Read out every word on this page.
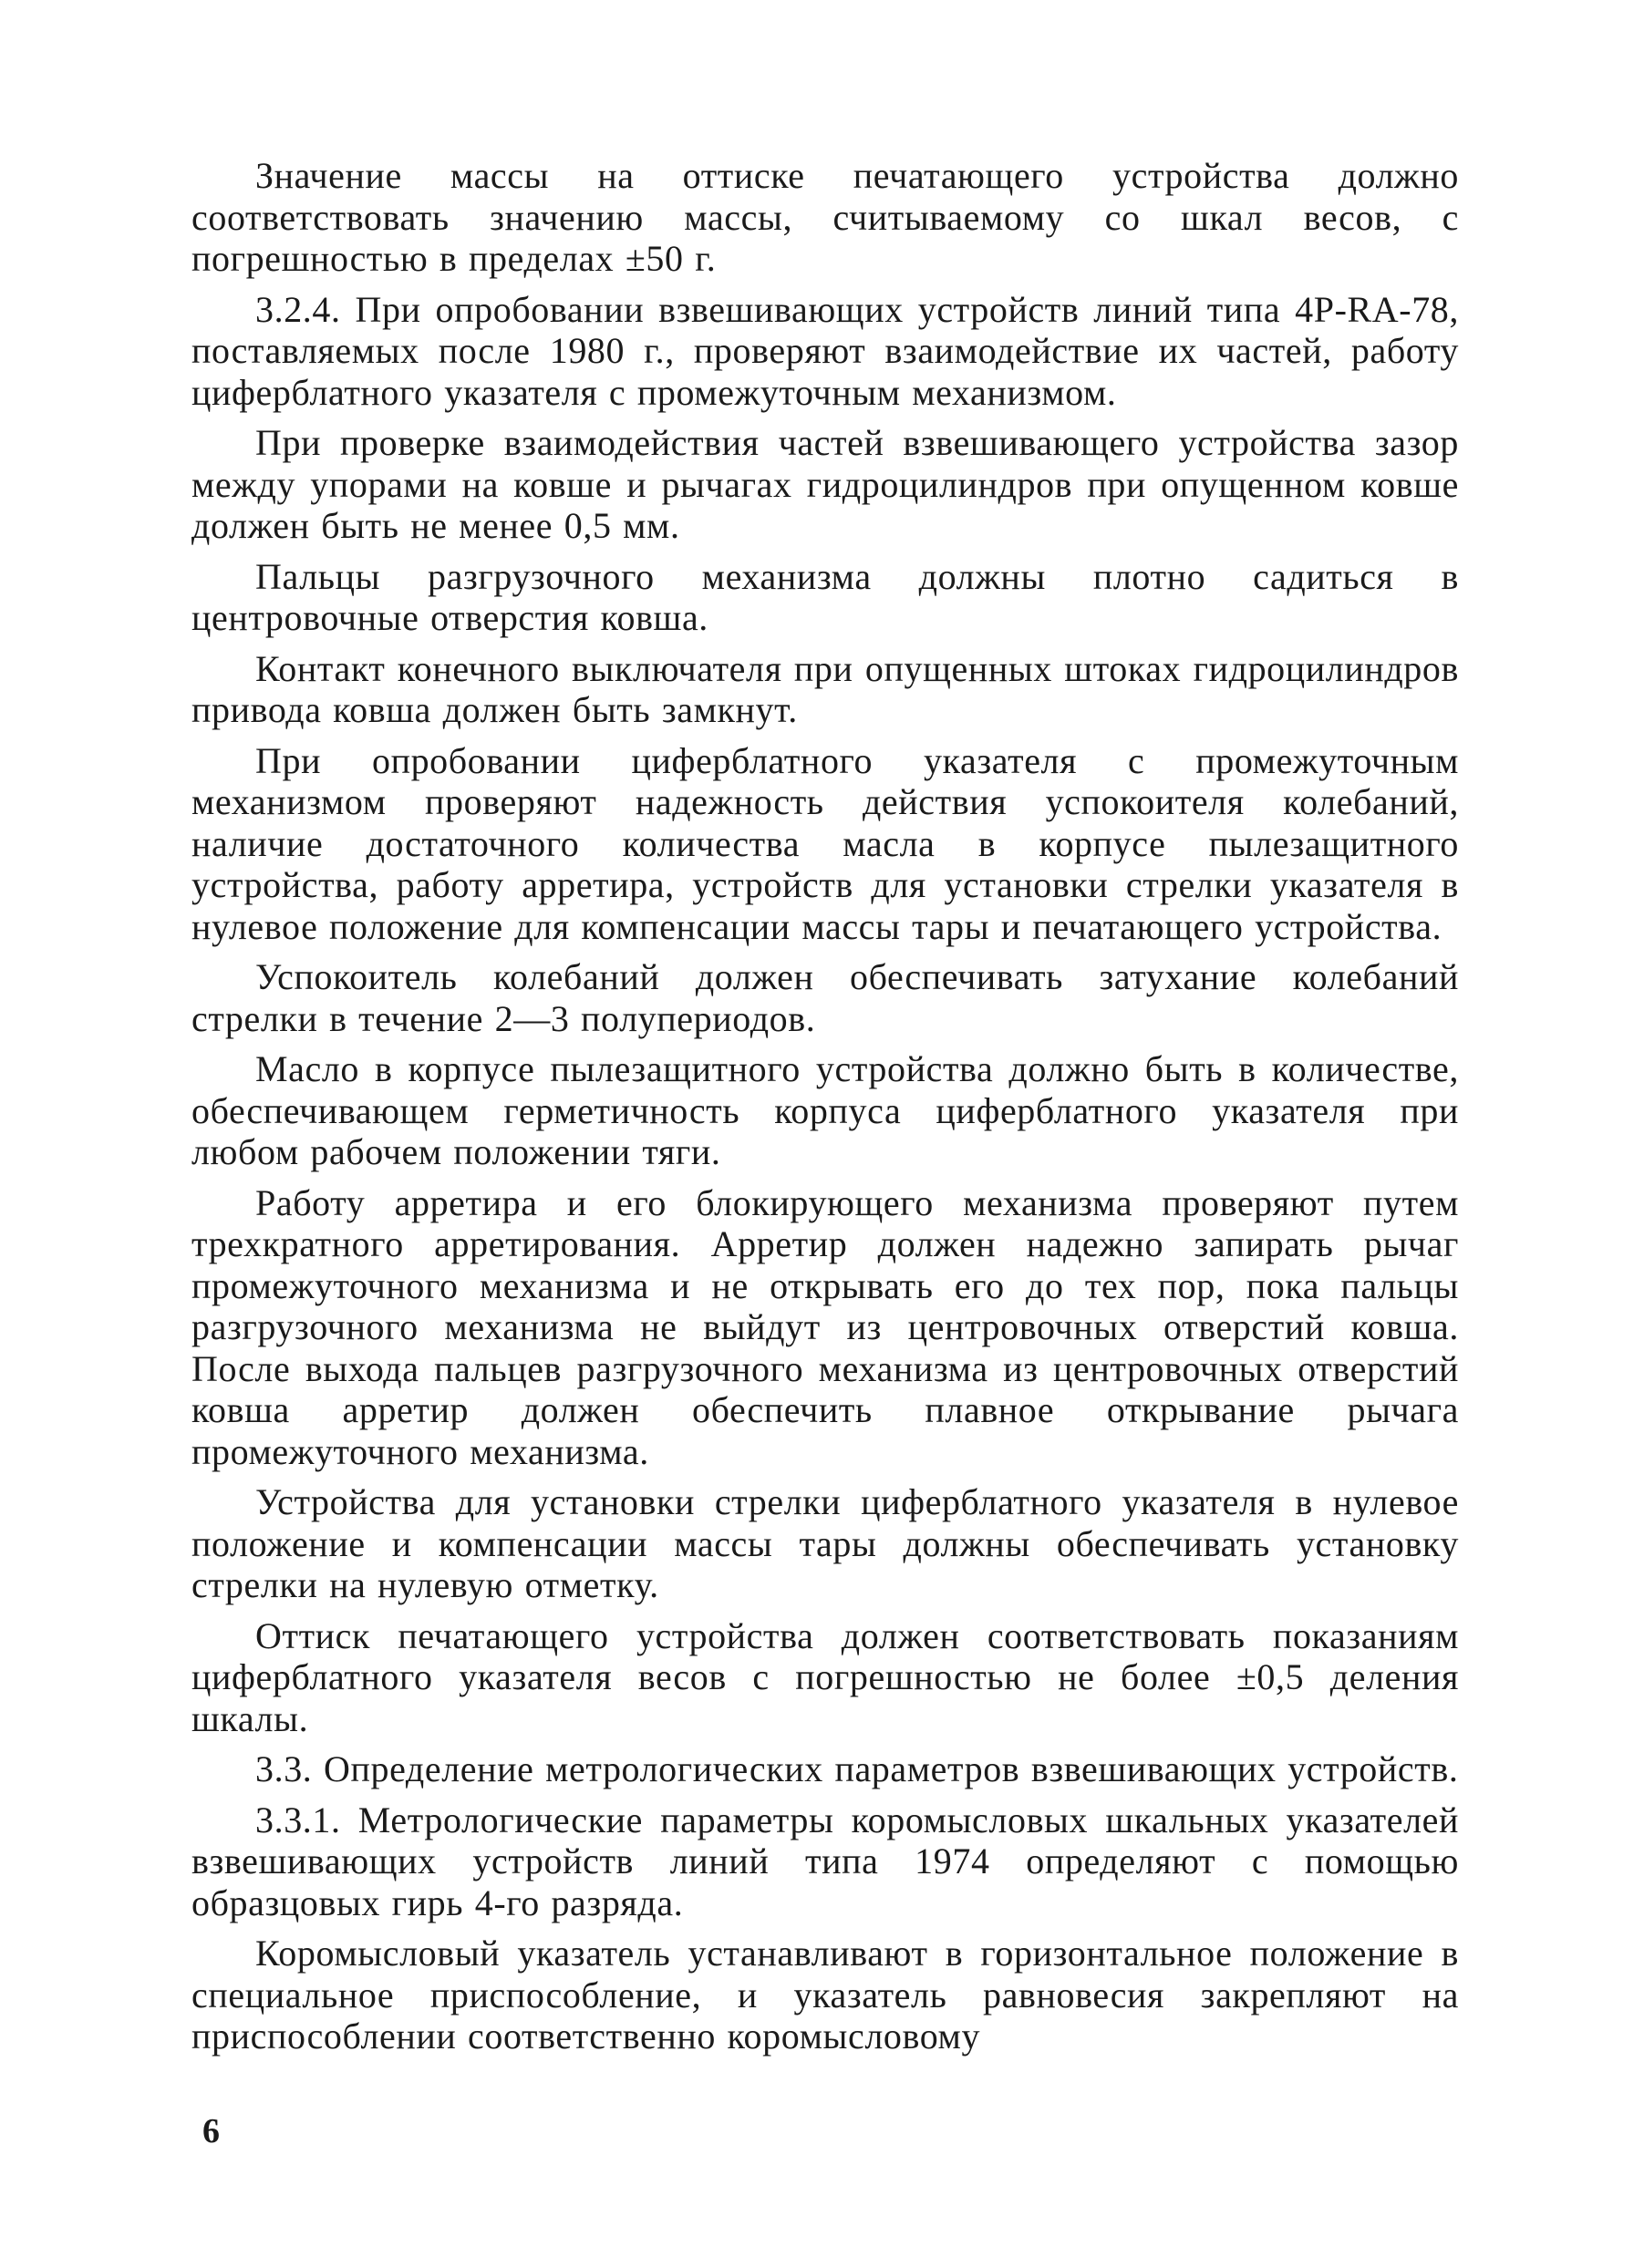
Значение массы на оттиске печатающего устройства должно соответствовать значению массы, считываемому со шкал весов, с погрешностью в пределах ±50 г.

3.2.4. При опробовании взвешивающих устройств линий типа 4P-RA-78, поставляемых после 1980 г., проверяют взаимодействие их частей, работу циферблатного указателя с промежуточным механизмом.

При проверке взаимодействия частей взвешивающего устройства зазор между упорами на ковше и рычагах гидроцилиндров при опущенном ковше должен быть не менее 0,5 мм.

Пальцы разгрузочного механизма должны плотно садиться в центровочные отверстия ковша.

Контакт конечного выключателя при опущенных штоках гидроцилиндров привода ковша должен быть замкнут.

При опробовании циферблатного указателя с промежуточным механизмом проверяют надежность действия успокоителя колебаний, наличие достаточного количества масла в корпусе пылезащитного устройства, работу арретира, устройств для установки стрелки указателя в нулевое положение для компенсации массы тары и печатающего устройства.

Успокоитель колебаний должен обеспечивать затухание колебаний стрелки в течение 2—3 полупериодов.

Масло в корпусе пылезащитного устройства должно быть в количестве, обеспечивающем герметичность корпуса циферблатного указателя при любом рабочем положении тяги.

Работу арретира и его блокирующего механизма проверяют путем трехкратного арретирования. Арретир должен надежно запирать рычаг промежуточного механизма и не открывать его до тех пор, пока пальцы разгрузочного механизма не выйдут из центровочных отверстий ковша. После выхода пальцев разгрузочного механизма из центровочных отверстий ковша арретир должен обеспечить плавное открывание рычага промежуточного механизма.

Устройства для установки стрелки циферблатного указателя в нулевое положение и компенсации массы тары должны обеспечивать установку стрелки на нулевую отметку.

Оттиск печатающего устройства должен соответствовать показаниям циферблатного указателя весов с погрешностью не более ±0,5 деления шкалы.

3.3. Определение метрологических параметров взвешивающих устройств.

3.3.1. Метрологические параметры коромысловых шкальных указателей взвешивающих устройств линий типа 1974 определяют с помощью образцовых гирь 4-го разряда.

Коромысловый указатель устанавливают в горизонтальное положение в специальное приспособление, и указатель равновесия закрепляют на приспособлении соответственно коромысловому

6
